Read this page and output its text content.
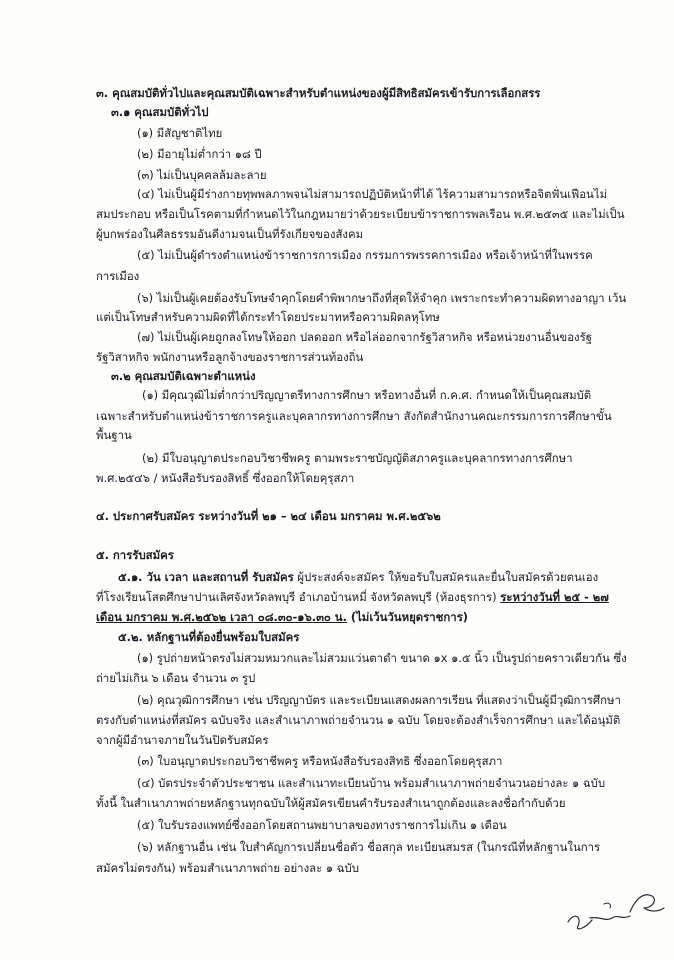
๓. คุณสมบัติทั่วไปและคุณสมบัติเฉพาะสำหรับตำแหน่งของผู้มีสิทธิสมัครเข้ารับการเลือกสรร
๓.๑ คุณสมบัติทั่วไป
(๑) มีสัญชาติไทย
(๒) มีอายุไม่ต่ำกว่า ๑๘ ปี
(๓) ไม่เป็นบุคคลล้มละลาย
(๔) ไม่เป็นผู้มีร่างกายทุพพลภาพจนไม่สามารถปฏิบัติหน้าที่ได้ ไร้ความสามารถหรือจิตฟั่นเฟือนไม่
สมประกอบ หรือเป็นโรคตามที่กำหนดไว้ในกฎหมายว่าด้วยระเบียบข้าราชการพลเรือน พ.ศ.๒๕๓๕ และไม่เป็น
ผู้บกพร่องในศีลธรรมอันดีงามจนเป็นที่รังเกียจของสังคม
(๕) ไม่เป็นผู้ดำรงตำแหน่งข้าราชการการเมือง กรรมการพรรคการเมือง หรือเจ้าหน้าที่ในพรรค
การเมือง
(๖) ไม่เป็นผู้เคยต้องรับโทษจำคุกโดยคำพิพากษาถึงที่สุดให้จำคุก เพราะกระทำความผิดทางอาญา เว้น
แต่เป็นโทษสำหรับความผิดที่ได้กระทำโดยประมาทหรือความผิดลหุโทษ
(๗) ไม่เป็นผู้เคยถูกลงโทษให้ออก ปลดออก หรือไล่ออกจากรัฐวิสาหกิจ หรือหน่วยงานอื่นของรัฐ
รัฐวิสาหกิจ พนักงานหรือลูกจ้างของราชการส่วนท้องถิ่น
๓.๒ คุณสมบัติเฉพาะตำแหน่ง
(๑) มีคุณวุฒิไม่ต่ำกว่าปริญญาตรีทางการศึกษา หรือทางอื่นที่ ก.ค.ศ. กำหนดให้เป็นคุณสมบัติ
เฉพาะสำหรับตำแหน่งข้าราชการครูและบุคลากรทางการศึกษา สังกัดสำนักงานคณะกรรมการการศึกษาขั้น
พื้นฐาน
(๒) มีใบอนุญาตประกอบวิชาชีพครู ตามพระราชบัญญัติสภาครูและบุคลากรทางการศึกษา
พ.ศ.๒๕๔๖ / หนังสือรับรองสิทธิ์ ซึ่งออกให้โดยคุรุสภา
๔. ประกาศรับสมัคร ระหว่างวันที่ ๒๑ – ๒๔ เดือน มกราคม พ.ศ.๒๕๖๒
๕. การรับสมัคร
๕.๑. วัน เวลา และสถานที่ รับสมัคร ผู้ประสงค์จะสมัคร ให้ขอรับใบสมัครและยื่นใบสมัครด้วยตนเอง
ที่โรงเรียนโสตศึกษาปานเลิศจังหวัดลพบุรี อำเภอบ้านหมี่ จังหวัดลพบุรี (ห้องธุรการ) ระหว่างวันที่ ๒๕ - ๒๗
เดือน มกราคม พ.ศ.๒๕๖๒ เวลา ๐๘.๓๐-๑๖.๓๐ น. (ไม่เว้นวันหยุดราชการ)
๕.๒. หลักฐานที่ต้องยื่นพร้อมใบสมัคร
(๑) รูปถ่ายหน้าตรงไม่สวมหมวกและไม่สวมแว่นตาดำ ขนาด ๑x ๑.๕ นิ้ว เป็นรูปถ่ายคราวเดียวกัน ซึ่ง
ถ่ายไม่เกิน ๖ เดือน จำนวน ๓ รูป
(๒) คุณวุฒิการศึกษา เช่น ปริญญาบัตร และระเบียนแสดงผลการเรียน ที่แสดงว่าเป็นผู้มีวุฒิการศึกษา
ตรงกับตำแหน่งที่สมัคร ฉบับจริง และสำเนาภาพถ่ายจำนวน ๑ ฉบับ โดยจะต้องสำเร็จการศึกษา และได้อนุมัติ
จากผู้มีอำนาจภายในวันปิดรับสมัคร
(๓) ใบอนุญาตประกอบวิชาชีพครู หรือหนังสือรับรองสิทธิ ซึ่งออกโดยคุรุสภา
(๔) บัตรประจำตัวประชาชน และสำเนาทะเบียนบ้าน พร้อมสำเนาภาพถ่ายจำนวนอย่างละ ๑ ฉบับ
ทั้งนี้ ในสำเนาภาพถ่ายหลักฐานทุกฉบับให้ผู้สมัครเขียนคำรับรองสำเนาถูกต้องและลงชื่อกำกับด้วย
(๕) ใบรับรองแพทย์ซึ่งออกโดยสถานพยาบาลของทางราชการไม่เกิน ๑ เดือน
(๖) หลักฐานอื่น เช่น ใบสำคัญการเปลี่ยนชื่อตัว ชื่อสกุล ทะเบียนสมรส (ในกรณีที่หลักฐานในการ
สมัครไม่ตรงกัน) พร้อมสำเนาภาพถ่าย อย่างละ ๑ ฉบับ
